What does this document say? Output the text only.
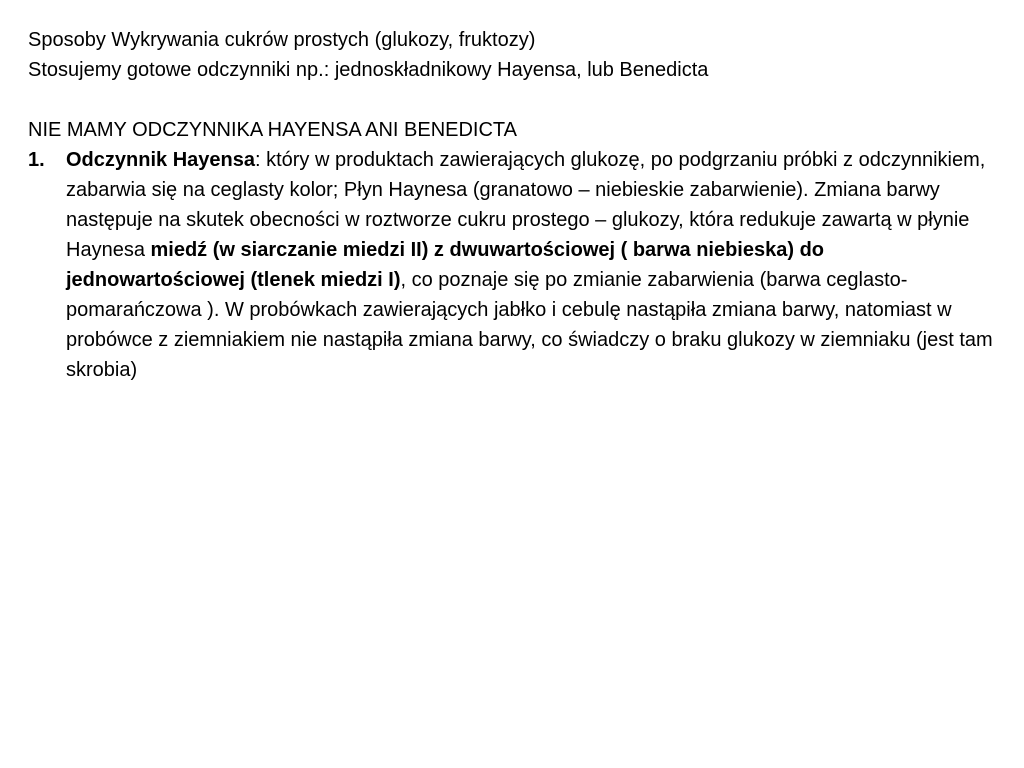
Sposoby Wykrywania cukrów prostych (glukozy, fruktozy)
Stosujemy gotowe odczynniki np.: jednoskładnikowy Hayensa, lub Benedicta
NIE MAMY ODCZYNNIKA HAYENSA ANI BENEDICTA
1. Odczynnik Hayensa: który w produktach zawierających glukozę, po podgrzaniu próbki z odczynnikiem, zabarwia się na ceglasty kolor; Płyn Haynesa (granatowo – niebieskie zabarwienie). Zmiana barwy następuje na skutek obecności w roztworze cukru prostego – glukozy, która redukuje zawartą w płynie Haynesa miedź (w siarczanie miedzi II) z dwuwartościowej ( barwa niebieska) do jednowartościowej (tlenek miedzi I), co poznaje się po zmianie zabarwienia (barwa ceglasto-pomarańczowa ). W probówkach zawierających jabłko i cebulę nastąpiła zmiana barwy, natomiast w probówce z ziemniakiem nie nastąpiła zmiana barwy, co świadczy o braku glukozy w ziemniaku (jest tam skrobia)
